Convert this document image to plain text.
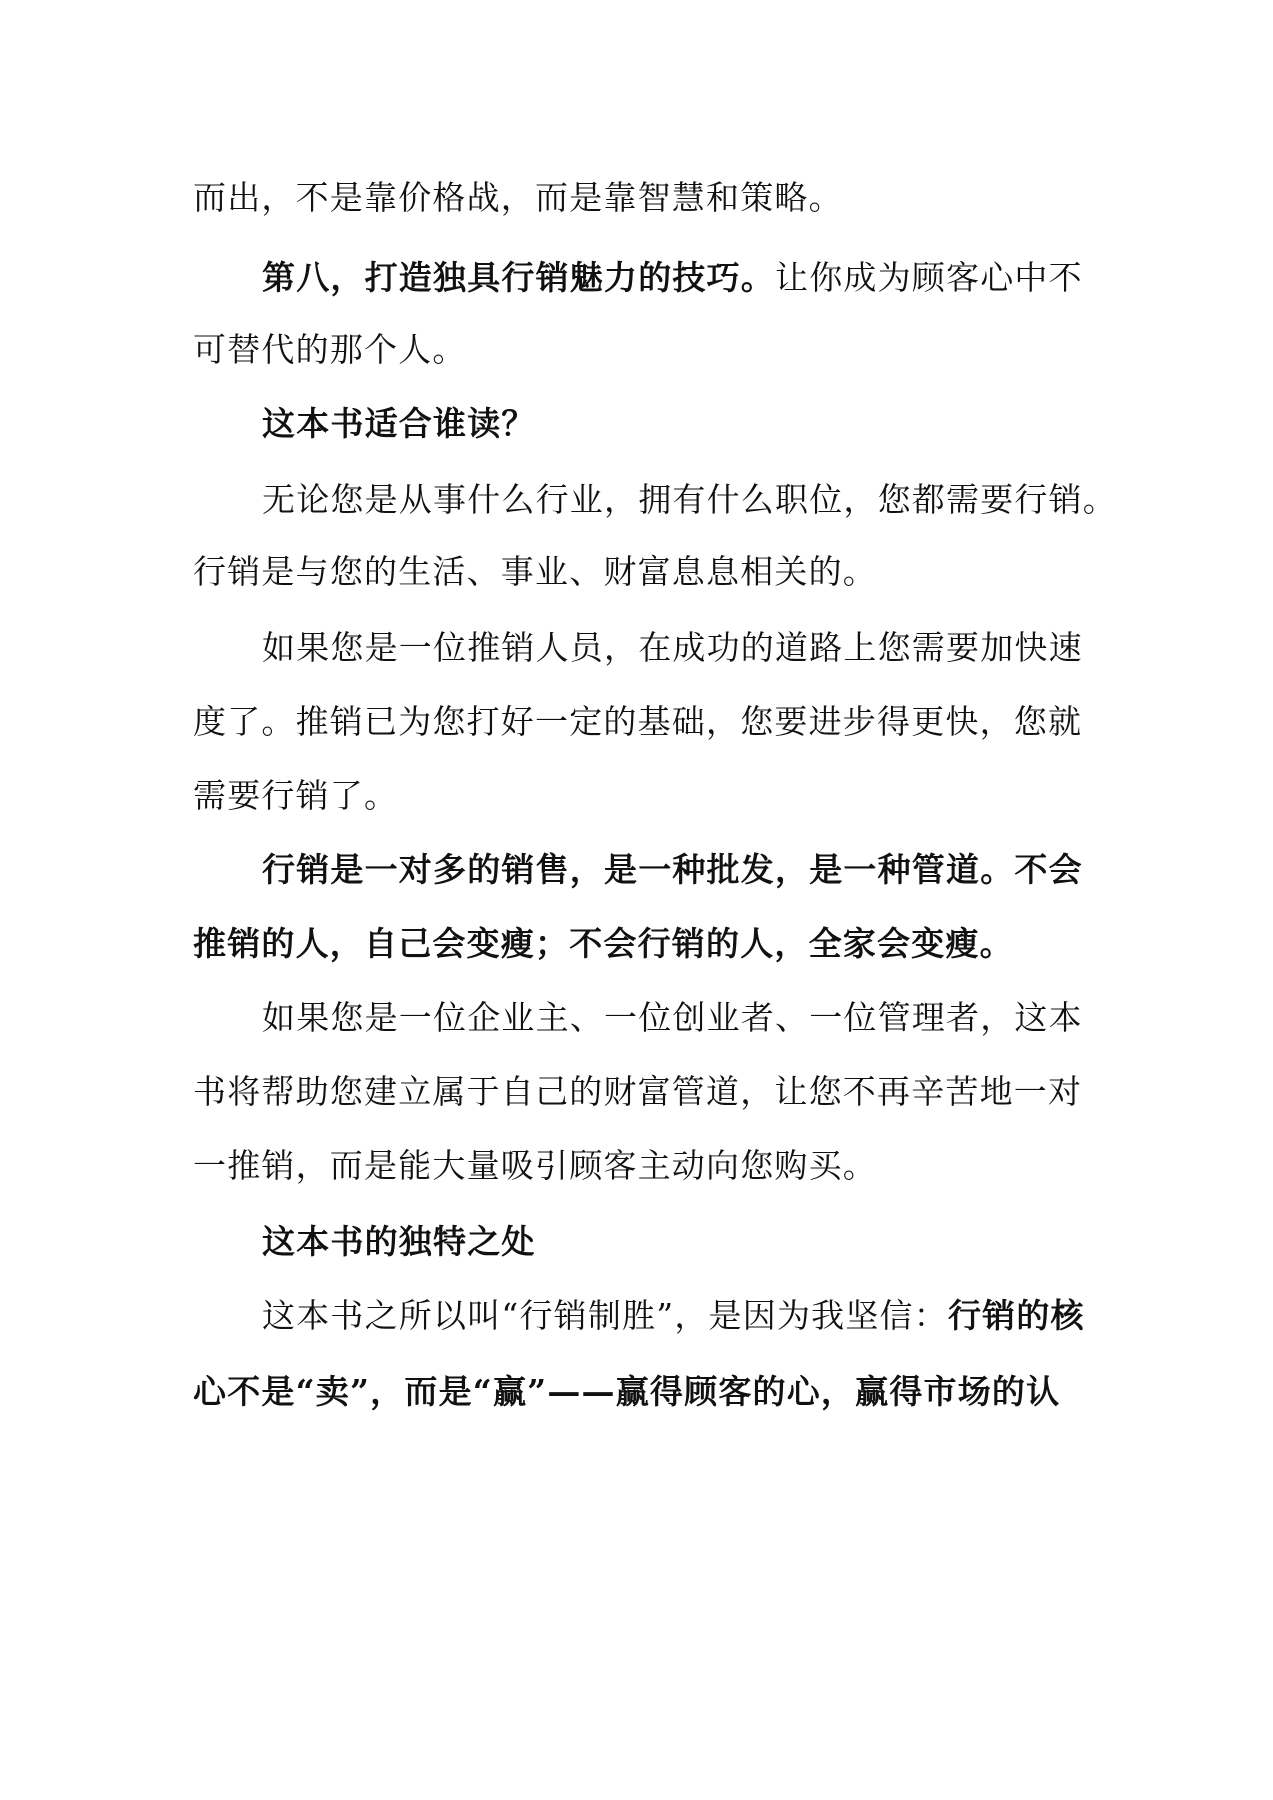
而出，不是靠价格战，而是靠智慧和策略。
第八，打造独具行销魅力的技巧。让你成为顾客心中不
可替代的那个人。
这本书适合谁读？
无论您是从事什么行业，拥有什么职位，您都需要行销。
行销是与您的生活、事业、财富息息相关的。
如果您是一位推销人员，在成功的道路上您需要加快速
度了。推销已为您打好一定的基础，您要进步得更快，您就
需要行销了。
行销是一对多的销售，是一种批发，是一种管道。不会
推销的人，自己会变瘦；不会行销的人，全家会变瘦。
如果您是一位企业主、一位创业者、一位管理者，这本
书将帮助您建立属于自己的财富管道，让您不再辛苦地一对
一推销，而是能大量吸引顾客主动向您购买。
这本书的独特之处
这本书之所以叫“行销制胜”，是因为我坚信：行销的核
心不是“卖”，而是“赢”——赢得顾客的心，赢得市场的认
